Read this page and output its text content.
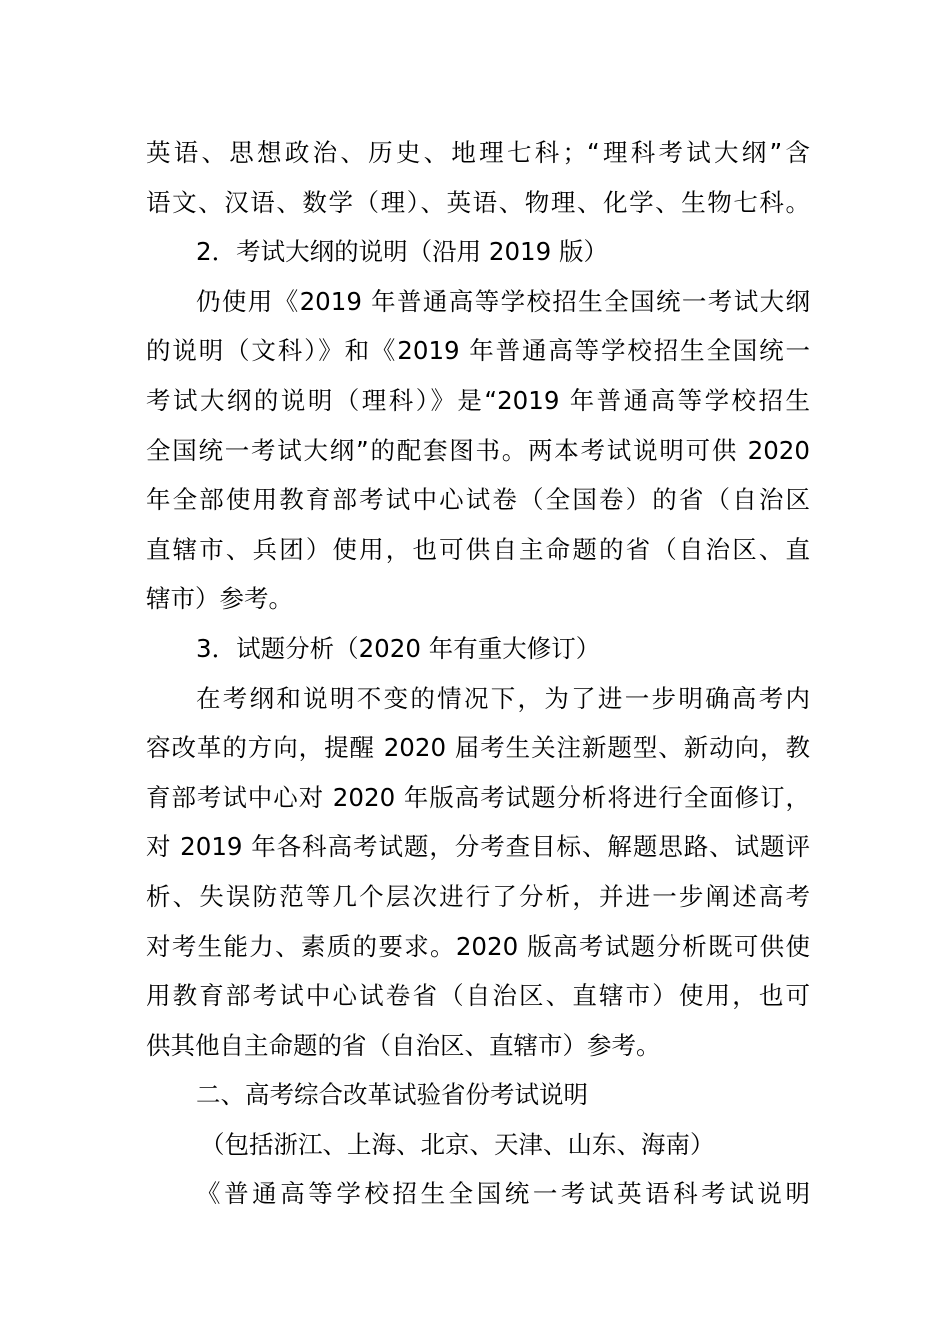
英语、思想政治、历史、地理七科；“理科考试大纲”含
语文、汉语、数学（理）、英语、物理、化学、生物七科。
2．考试大纲的说明（沿用 2019 版）
仍使用《2019 年普通高等学校招生全国统一考试大纲
的说明（文科）》和《2019 年普通高等学校招生全国统一
考试大纲的说明（理科）》是“2019 年普通高等学校招生
全国统一考试大纲”的配套图书。两本考试说明可供 2020
年全部使用教育部考试中心试卷（全国卷）的省（自治区
直辖市、兵团）使用，也可供自主命题的省（自治区、直
辖市）参考。
3．试题分析（2020 年有重大修订）
在考纲和说明不变的情况下，为了进一步明确高考内
容改革的方向，提醒 2020 届考生关注新题型、新动向，教
育部考试中心对 2020 年版高考试题分析将进行全面修订，
对 2019 年各科高考试题，分考查目标、解题思路、试题评
析、失误防范等几个层次进行了分析，并进一步阐述高考
对考生能力、素质的要求。2020 版高考试题分析既可供使
用教育部考试中心试卷省（自治区、直辖市）使用，也可
供其他自主命题的省（自治区、直辖市）参考。
二、高考综合改革试验省份考试说明
（包括浙江、上海、北京、天津、山东、海南）
《普通高等学校招生全国统一考试英语科考试说明
